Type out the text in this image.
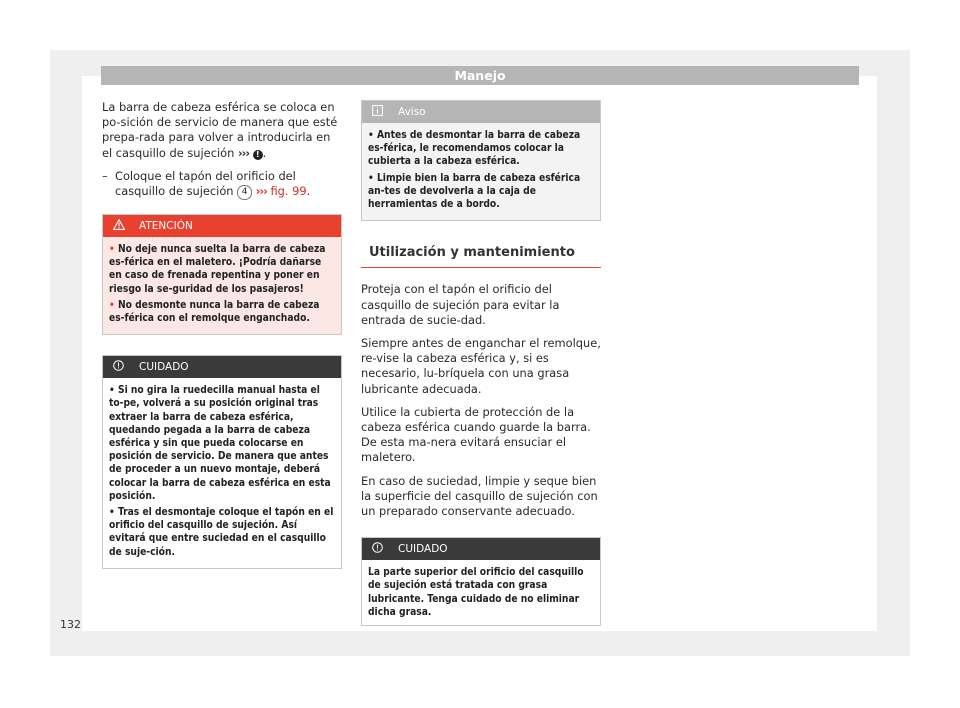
Manejo

La barra de cabeza esférica se coloca en po-sición de servicio de manera que esté prepa-rada para volver a introducirla en el casquillo de sujeción ››› ! .

– Coloque el tapón del orificio del casquillo de sujeción 4 ››› fig. 99.
ATENCIÓN
• No deje nunca suelta la barra de cabeza es-férica en el maletero. ¡Podría dañarse en caso de frenada repentina y poner en riesgo la se-guridad de los pasajeros!
• No desmonte nunca la barra de cabeza es-férica con el remolque enganchado.
CUIDADO
• Si no gira la ruedecilla manual hasta el to-pe, volverá a su posición original tras extraer la barra de cabeza esférica, quedando pegada a la barra de cabeza esférica y sin que pueda colocarse en posición de servicio. De manera que antes de proceder a un nuevo montaje, deberá colocar la barra de cabeza esférica en esta posición.
• Tras el desmontaje coloque el tapón en el orificio del casquillo de sujeción. Así evitará que entre suciedad en el casquillo de suje-ción.
Aviso
• Antes de desmontar la barra de cabeza es-férica, le recomendamos colocar la cubierta a la cabeza esférica.
• Limpie bien la barra de cabeza esférica an-tes de devolverla a la caja de herramientas de a bordo.
Utilización y mantenimiento

Proteja con el tapón el orificio del casquillo de sujeción para evitar la entrada de sucie-dad.

Siempre antes de enganchar el remolque, re-vise la cabeza esférica y, si es necesario, lu-bríquela con una grasa lubricante adecuada.

Utilice la cubierta de protección de la cabeza esférica cuando guarde la barra. De esta ma-nera evitará ensuciar el maletero.

En caso de suciedad, limpie y seque bien la superficie del casquillo de sujeción con un preparado conservante adecuado.

CUIDADO
La parte superior del orificio del casquillo de sujeción está tratada con grasa lubricante. Tenga cuidado de no eliminar dicha grasa.
132
